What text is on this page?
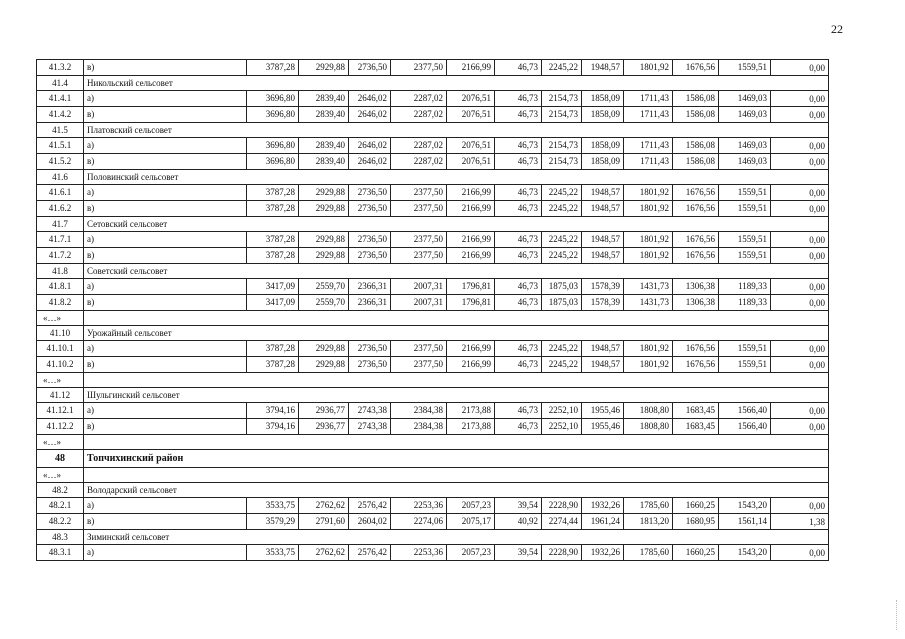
22
41.3.2	в)	3787,28	2929,88	2736,50	2377,50	2166,99	46,73	2245,22	1948,57	1801,92	1676,56	1559,51	0,00
41.4	Никольский сельсовет												
41.4.1	а)	3696,80	2839,40	2646,02	2287,02	2076,51	46,73	2154,73	1858,09	1711,43	1586,08	1469,03	0,00
41.4.2	в)	3696,80	2839,40	2646,02	2287,02	2076,51	46,73	2154,73	1858,09	1711,43	1586,08	1469,03	0,00
41.5	Платовский сельсовет												
41.5.1	а)	3696,80	2839,40	2646,02	2287,02	2076,51	46,73	2154,73	1858,09	1711,43	1586,08	1469,03	0,00
41.5.2	в)	3696,80	2839,40	2646,02	2287,02	2076,51	46,73	2154,73	1858,09	1711,43	1586,08	1469,03	0,00
41.6	Половинский сельсовет												
41.6.1	а)	3787,28	2929,88	2736,50	2377,50	2166,99	46,73	2245,22	1948,57	1801,92	1676,56	1559,51	0,00
41.6.2	в)	3787,28	2929,88	2736,50	2377,50	2166,99	46,73	2245,22	1948,57	1801,92	1676,56	1559,51	0,00
41.7	Сетовский сельсовет												
41.7.1	а)	3787,28	2929,88	2736,50	2377,50	2166,99	46,73	2245,22	1948,57	1801,92	1676,56	1559,51	0,00
41.7.2	в)	3787,28	2929,88	2736,50	2377,50	2166,99	46,73	2245,22	1948,57	1801,92	1676,56	1559,51	0,00
41.8	Советский сельсовет												
41.8.1	а)	3417,09	2559,70	2366,31	2007,31	1796,81	46,73	1875,03	1578,39	1431,73	1306,38	1189,33	0,00
41.8.2	в)	3417,09	2559,70	2366,31	2007,31	1796,81	46,73	1875,03	1578,39	1431,73	1306,38	1189,33	0,00
«…»													
41.10	Урожайный сельсовет												
41.10.1	а)	3787,28	2929,88	2736,50	2377,50	2166,99	46,73	2245,22	1948,57	1801,92	1676,56	1559,51	0,00
41.10.2	в)	3787,28	2929,88	2736,50	2377,50	2166,99	46,73	2245,22	1948,57	1801,92	1676,56	1559,51	0,00
«…»													
41.12	Шульгинский сельсовет												
41.12.1	а)	3794,16	2936,77	2743,38	2384,38	2173,88	46,73	2252,10	1955,46	1808,80	1683,45	1566,40	0,00
41.12.2	в)	3794,16	2936,77	2743,38	2384,38	2173,88	46,73	2252,10	1955,46	1808,80	1683,45	1566,40	0,00
«…»													
48	Топчихинский район												
«…»													
48.2	Володарский сельсовет												
48.2.1	а)	3533,75	2762,62	2576,42	2253,36	2057,23	39,54	2228,90	1932,26	1785,60	1660,25	1543,20	0,00
48.2.2	в)	3579,29	2791,60	2604,02	2274,06	2075,17	40,92	2274,44	1961,24	1813,20	1680,95	1561,14	1,38
48.3	Зиминский сельсовет												
48.3.1	а)	3533,75	2762,62	2576,42	2253,36	2057,23	39,54	2228,90	1932,26	1785,60	1660,25	1543,20	0,00
